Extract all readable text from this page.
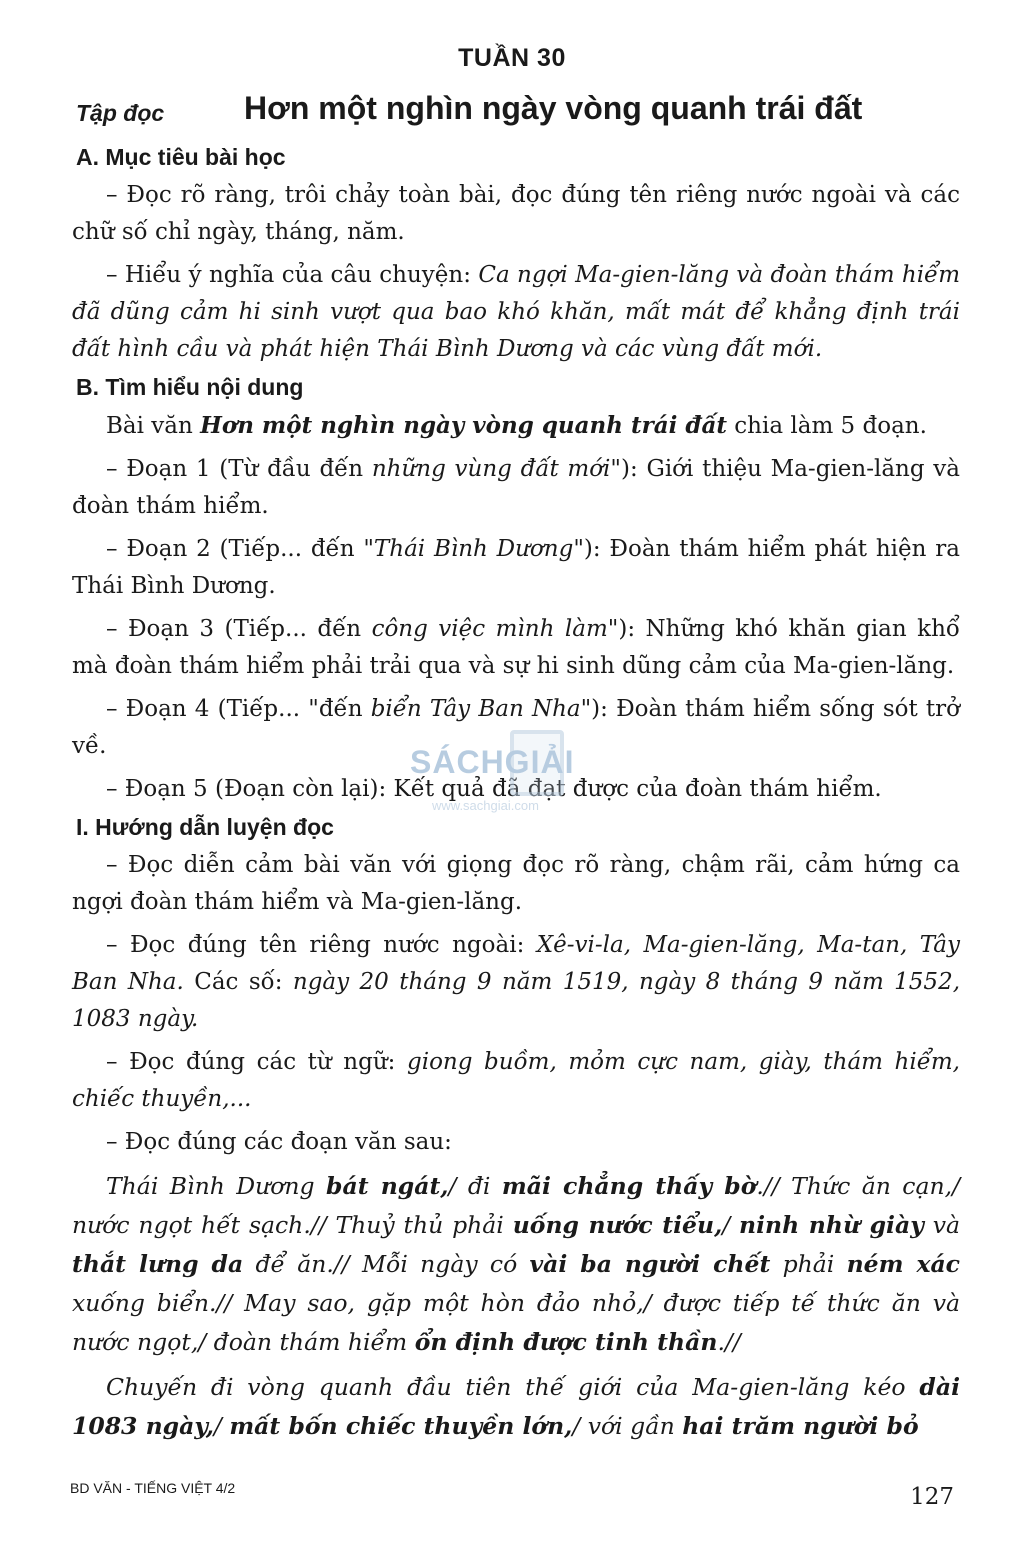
TUẦN 30
Tập đọc Hơn một nghìn ngày vòng quanh trái đất
A. Mục tiêu bài học

– Đọc rõ ràng, trôi chảy toàn bài, đọc đúng tên riêng nước ngoài và các chữ số chỉ ngày, tháng, năm.

– Hiểu ý nghĩa của câu chuyện: Ca ngợi Ma-gien-lăng và đoàn thám hiểm đã dũng cảm hi sinh vượt qua bao khó khăn, mất mát để khẳng định trái đất hình cầu và phát hiện Thái Bình Dương và các vùng đất mới.

B. Tìm hiểu nội dung

Bài văn Hơn một nghìn ngày vòng quanh trái đất chia làm 5 đoạn.

– Đoạn 1 (Từ đầu đến những vùng đất mới"): Giới thiệu Ma-gien-lăng và đoàn thám hiểm.

– Đoạn 2 (Tiếp... đến "Thái Bình Dương"): Đoàn thám hiểm phát hiện ra Thái Bình Dương.

– Đoạn 3 (Tiếp... đến công việc mình làm"): Những khó khăn gian khổ mà đoàn thám hiểm phải trải qua và sự hi sinh dũng cảm của Ma-gien-lăng.

– Đoạn 4 (Tiếp... "đến biển Tây Ban Nha"): Đoàn thám hiểm sống sót trở về.

– Đoạn 5 (Đoạn còn lại): Kết quả đã đạt được của đoàn thám hiểm.

I. Hướng dẫn luyện đọc

– Đọc diễn cảm bài văn với giọng đọc rõ ràng, chậm rãi, cảm hứng ca ngợi đoàn thám hiểm và Ma-gien-lăng.

– Đọc đúng tên riêng nước ngoài: Xê-vi-la, Ma-gien-lăng, Ma-tan, Tây Ban Nha. Các số: ngày 20 tháng 9 năm 1519, ngày 8 tháng 9 năm 1552, 1083 ngày.

– Đọc đúng các từ ngữ: giong buồm, mỏm cực nam, giày, thám hiểm, chiếc thuyền,...

– Đọc đúng các đoạn văn sau:

Thái Bình Dương bát ngát,/ đi mãi chẳng thấy bờ.// Thức ăn cạn,/ nước ngọt hết sạch.// Thuỷ thủ phải uống nước tiểu,/ ninh nhừ giày và thắt lưng da để ăn.// Mỗi ngày có vài ba người chết phải ném xác xuống biển.// May sao, gặp một hòn đảo nhỏ,/ được tiếp tế thức ăn và nước ngọt,/ đoàn thám hiểm ổn định được tinh thần.//

Chuyến đi vòng quanh đầu tiên thế giới của Ma-gien-lăng kéo dài 1083 ngày,/ mất bốn chiếc thuyền lớn,/ với gần hai trăm người bỏ

SÁCHGIẢI
www.sachgiai.com
BD VĂN - TIẾNG VIỆT 4/2	127
